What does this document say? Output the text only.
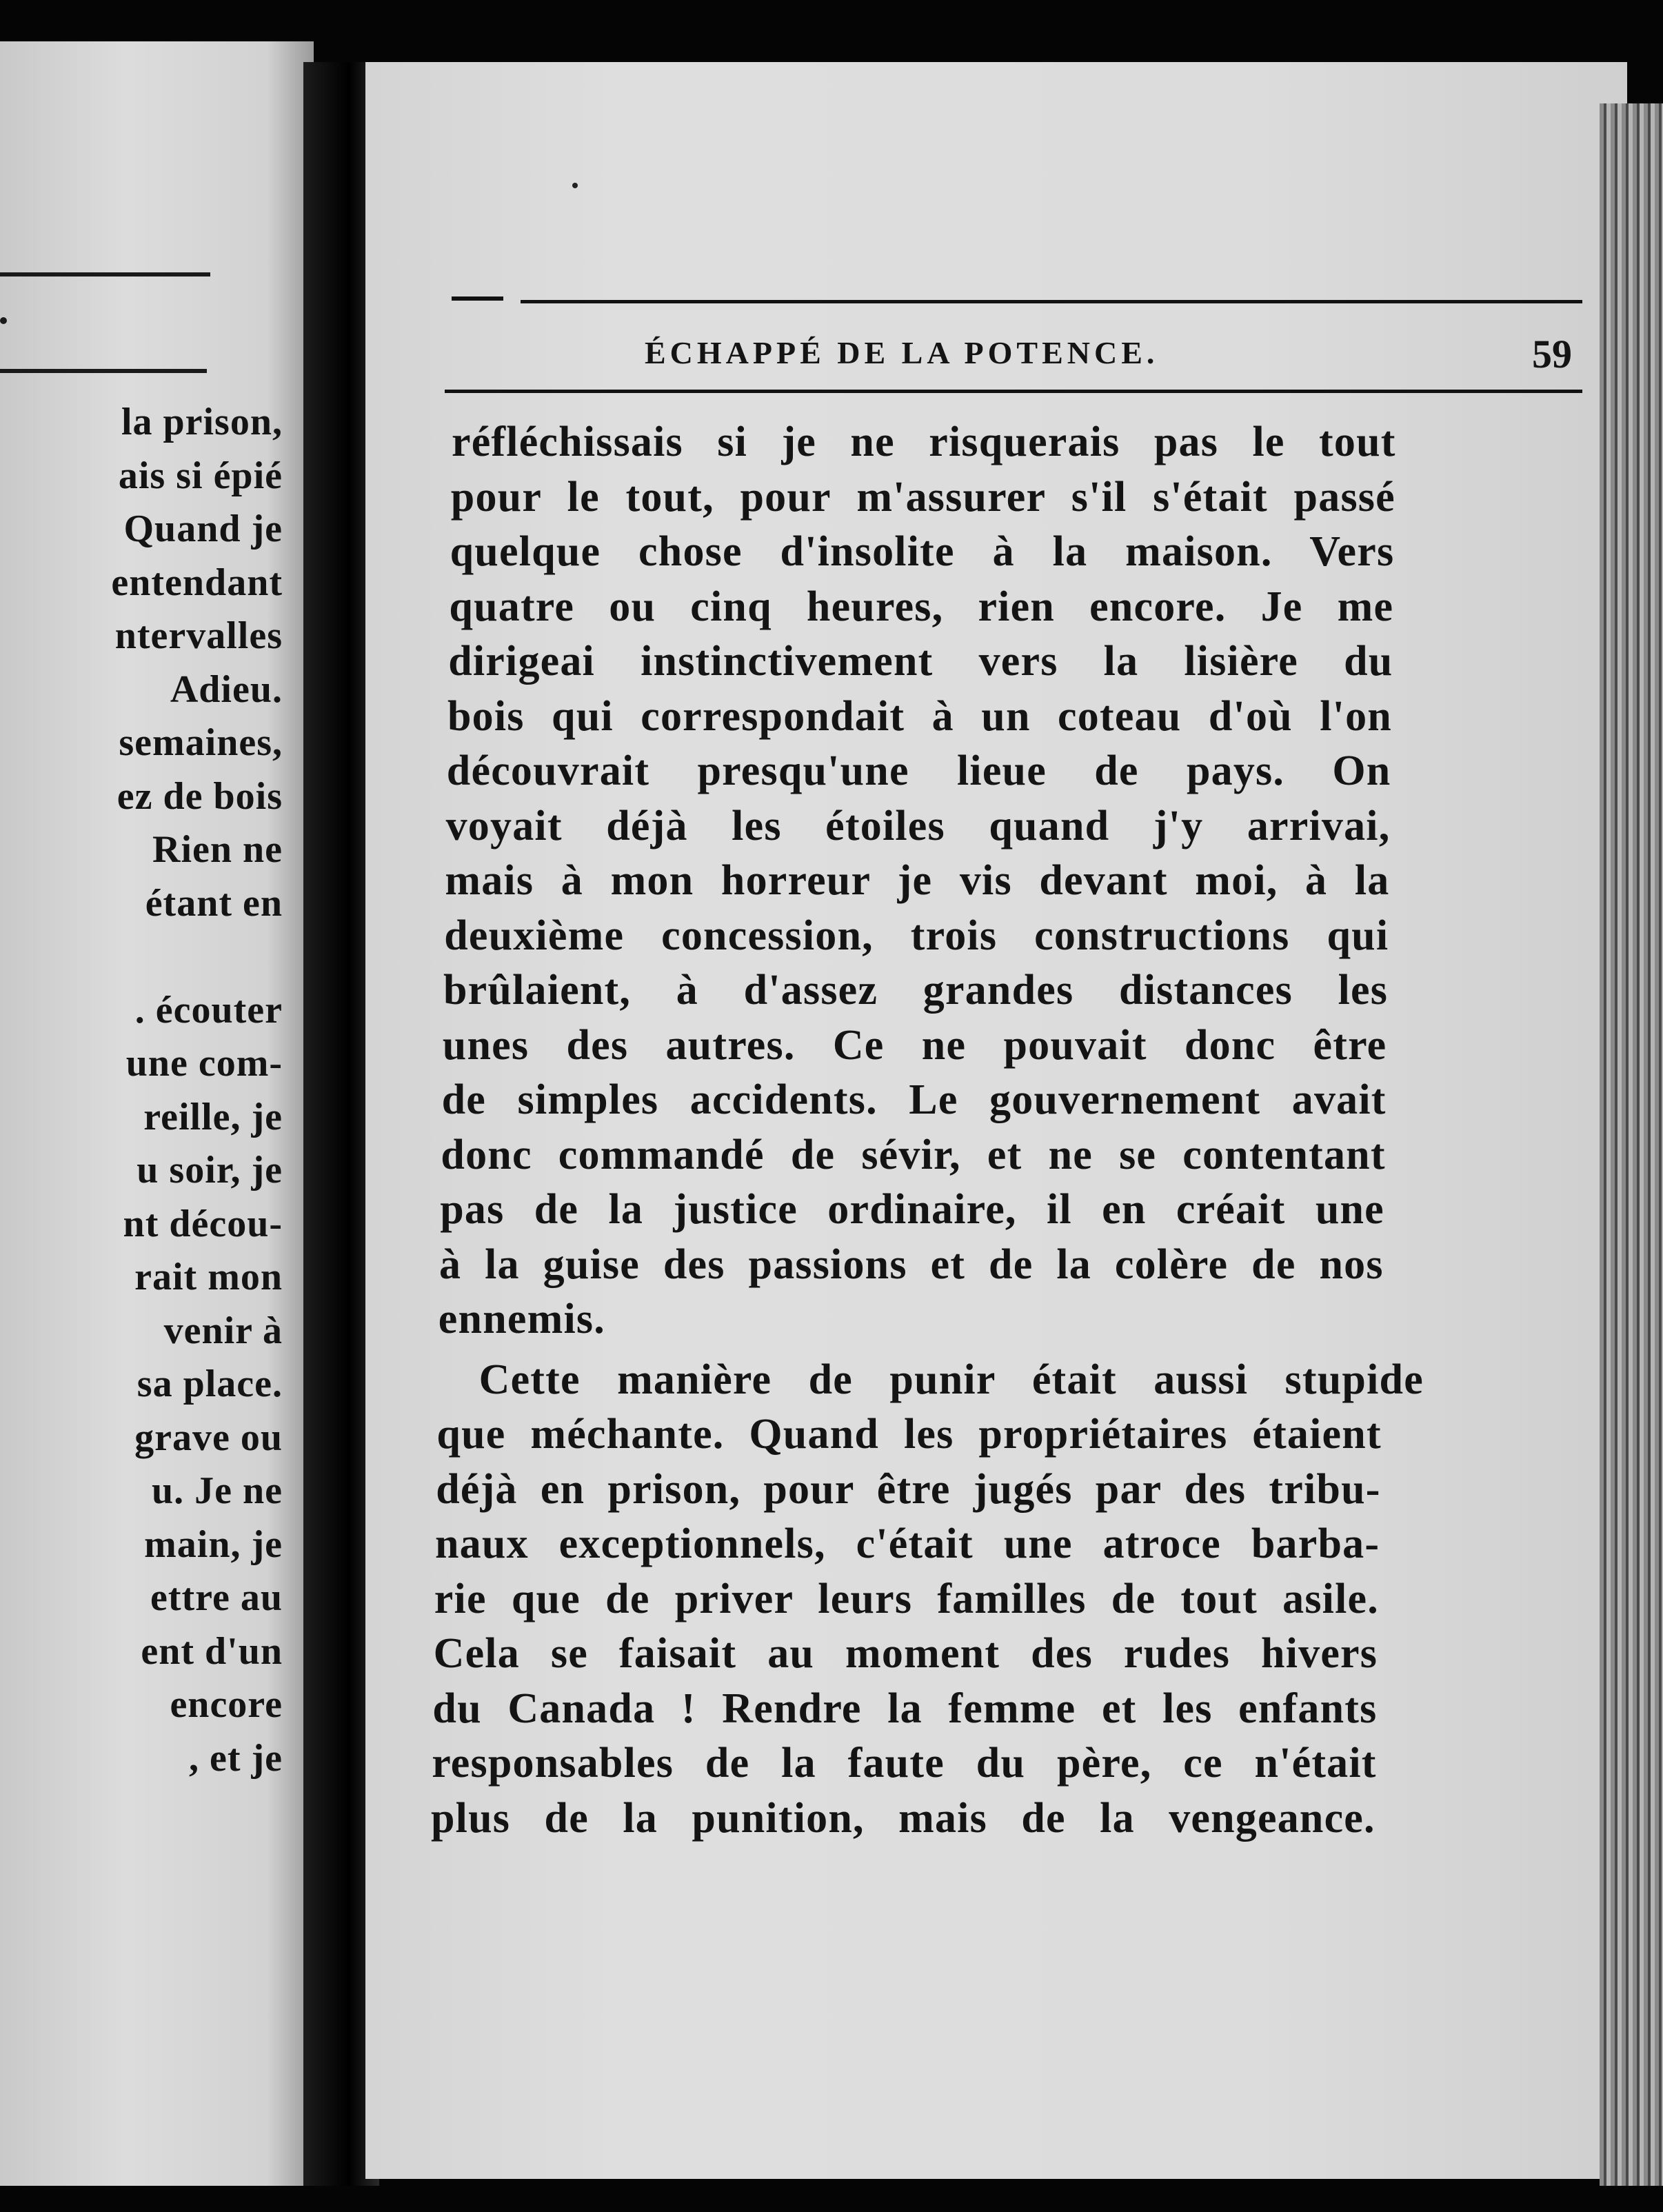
la prison,
ais si épié
Quand je
entendant
ntervalles
Adieu.
semaines,
ez de bois
Rien ne
étant en
. écouter
une com-
reille, je
u soir, je
nt décou-
rait mon
venir à
sa place.
grave ou
u. Je ne
main, je
ettre au
ent d'un
encore
, et je
ÉCHAPPÉ DE LA POTENCE.	59
réfléchissais si je ne risquerais pas le tout
pour le tout, pour m'assurer s'il s'était passé
quelque chose d'insolite à la maison. Vers
quatre ou cinq heures, rien encore. Je me
dirigeai instinctivement vers la lisière du
bois qui correspondait à un coteau d'où l'on
découvrait presqu'une lieue de pays. On
voyait déjà les étoiles quand j'y arrivai,
mais à mon horreur je vis devant moi, à la
deuxième concession, trois constructions qui
brûlaient, à d'assez grandes distances les
unes des autres. Ce ne pouvait donc être
de simples accidents. Le gouvernement avait
donc commandé de sévir, et ne se contentant
pas de la justice ordinaire, il en créait une
à la guise des passions et de la colère de nos
ennemis.
Cette manière de punir était aussi stupide
que méchante. Quand les propriétaires étaient
déjà en prison, pour être jugés par des tribu-
naux exceptionnels, c'était une atroce barba-
rie que de priver leurs familles de tout asile.
Cela se faisait au moment des rudes hivers
du Canada ! Rendre la femme et les enfants
responsables de la faute du père, ce n'était
plus de la punition, mais de la vengeance.
